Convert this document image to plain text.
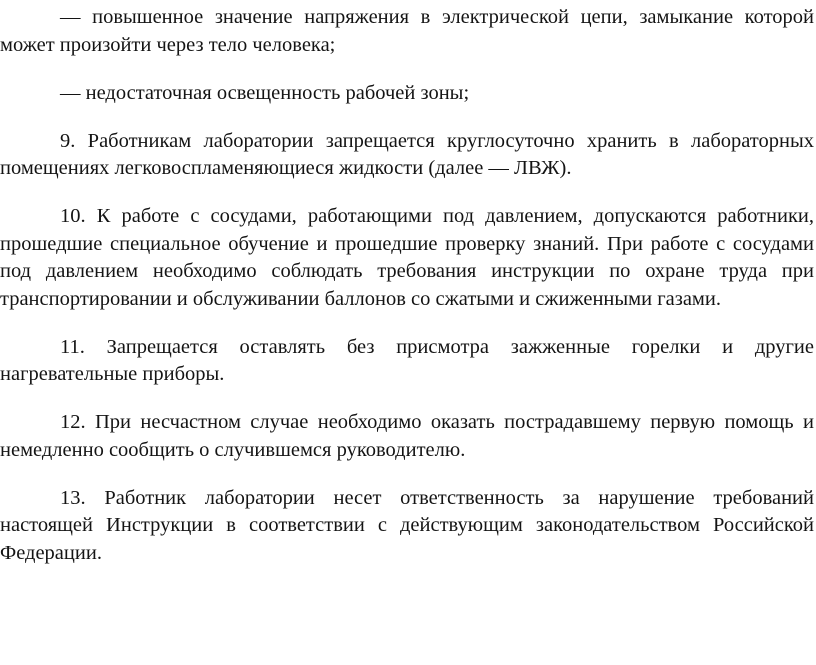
— повышенное значение напряжения в электрической цепи, замыкание которой может произойти через тело человека;

— недостаточная освещенность рабочей зоны;

9. Работникам лаборатории запрещается круглосуточно хранить в лабораторных помещениях легковоспламеняющиеся жидкости (далее — ЛВЖ).

10. К работе с сосудами, работающими под давлением, допускаются работники, прошедшие специальное обучение и прошедшие проверку знаний. При работе с сосудами под давлением необходимо соблюдать требования инструкции по охране труда при транспортировании и обслуживании баллонов со сжатыми и сжиженными газами.

11. Запрещается оставлять без присмотра зажженные горелки и другие нагревательные приборы.

12. При несчастном случае необходимо оказать пострадавшему первую помощь и немедленно сообщить о случившемся руководителю.

13. Работник лаборатории несет ответственность за нарушение требований настоящей Инструкции в соответствии с действующим законодательством Российской Федерации.
